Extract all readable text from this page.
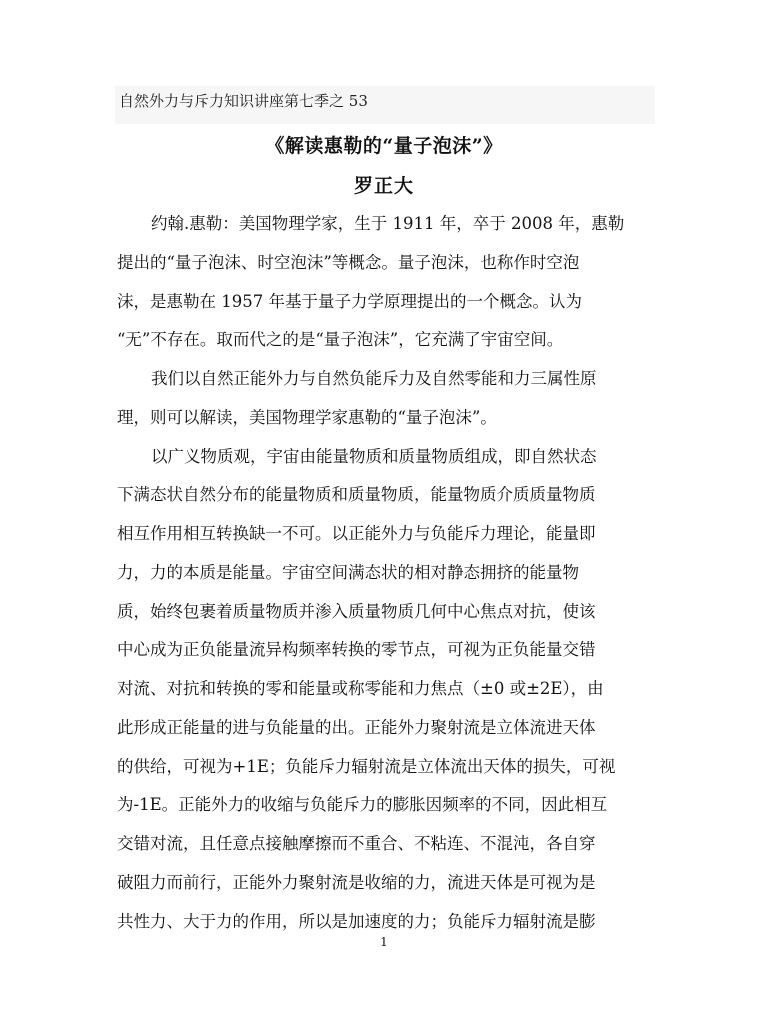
自然外力与斥力知识讲座第七季之 53
《解读惠勒的“量子泡沫”》
罗正大
约翰.惠勒：美国物理学家，生于 1911 年，卒于 2008 年，惠勒
提出的“量子泡沫、时空泡沫”等概念。量子泡沫，也称作时空泡
沫，是惠勒在 1957 年基于量子力学原理提出的一个概念。认为
“无”不存在。取而代之的是“量子泡沫”，它充满了宇宙空间。
我们以自然正能外力与自然负能斥力及自然零能和力三属性原
理，则可以解读，美国物理学家惠勒的“量子泡沫”。
以广义物质观，宇宙由能量物质和质量物质组成，即自然状态
下满态状自然分布的能量物质和质量物质，能量物质介质质量物质
相互作用相互转换缺一不可。以正能外力与负能斥力理论，能量即
力，力的本质是能量。宇宙空间满态状的相对静态拥挤的能量物
质，始终包裹着质量物质并渗入质量物质几何中心焦点对抗，使该
中心成为正负能量流异构频率转换的零节点，可视为正负能量交错
对流、对抗和转换的零和能量或称零能和力焦点（±0 或±2E），由
此形成正能量的进与负能量的出。正能外力聚射流是立体流进天体
的供给，可视为+1E；负能斥力辐射流是立体流出天体的损失，可视
为-1E。正能外力的收缩与负能斥力的膨胀因频率的不同，因此相互
交错对流，且任意点接触摩擦而不重合、不粘连、不混沌，各自穿
破阻力而前行，正能外力聚射流是收缩的力，流进天体是可视为是
共性力、大于力的作用，所以是加速度的力；负能斥力辐射流是膨
1
